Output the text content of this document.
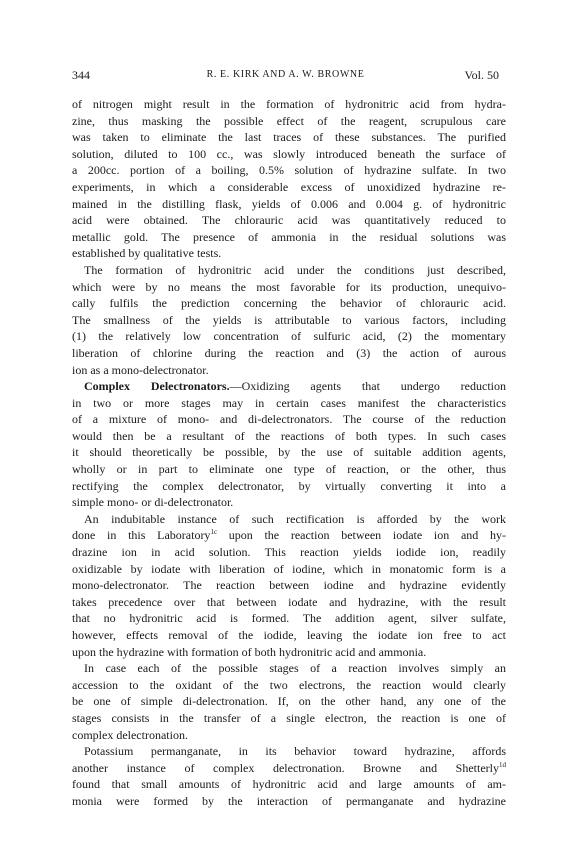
344	R. E. KIRK AND A. W. BROWNE	Vol. 50
of nitrogen might result in the formation of hydronitric acid from hydra-
zine, thus masking the possible effect of the reagent, scrupulous care
was taken to eliminate the last traces of these substances. The purified
solution, diluted to 100 cc., was slowly introduced beneath the surface of
a 200cc. portion of a boiling, 0.5% solution of hydrazine sulfate. In two
experiments, in which a considerable excess of unoxidized hydrazine re-
mained in the distilling flask, yields of 0.006 and 0.004 g. of hydronitric
acid were obtained. The chlorauric acid was quantitatively reduced to
metallic gold. The presence of ammonia in the residual solutions was
established by qualitative tests.
The formation of hydronitric acid under the conditions just described,
which were by no means the most favorable for its production, unequivo-
cally fulfils the prediction concerning the behavior of chlorauric acid.
The smallness of the yields is attributable to various factors, including
(1) the relatively low concentration of sulfuric acid, (2) the momentary
liberation of chlorine during the reaction and (3) the action of aurous
ion as a mono-delectronator.
Complex Delectronators.—Oxidizing agents that undergo reduction
in two or more stages may in certain cases manifest the characteristics
of a mixture of mono- and di-delectronators. The course of the reduction
would then be a resultant of the reactions of both types. In such cases
it should theoretically be possible, by the use of suitable addition agents,
wholly or in part to eliminate one type of reaction, or the other, thus
rectifying the complex delectronator, by virtually converting it into a
simple mono- or di-delectronator.
An indubitable instance of such rectification is afforded by the work
done in this Laboratory$^{1c}$ upon the reaction between iodate ion and hy-
drazine ion in acid solution. This reaction yields iodide ion, readily
oxidizable by iodate with liberation of iodine, which in monatomic form is a
mono-delectronator. The reaction between iodine and hydrazine evidently
takes precedence over that between iodate and hydrazine, with the result
that no hydronitric acid is formed. The addition agent, silver sulfate,
however, effects removal of the iodide, leaving the iodate ion free to act
upon the hydrazine with formation of both hydronitric acid and ammonia.
In case each of the possible stages of a reaction involves simply an
accession to the oxidant of the two electrons, the reaction would clearly
be one of simple di-delectronation. If, on the other hand, any one of the
stages consists in the transfer of a single electron, the reaction is one of
complex delectronation.
Potassium permanganate, in its behavior toward hydrazine, affords
another instance of complex delectronation. Browne and Shetterly$^{1d}$
found that small amounts of hydronitric acid and large amounts of am-
monia were formed by the interaction of permanganate and hydrazine
